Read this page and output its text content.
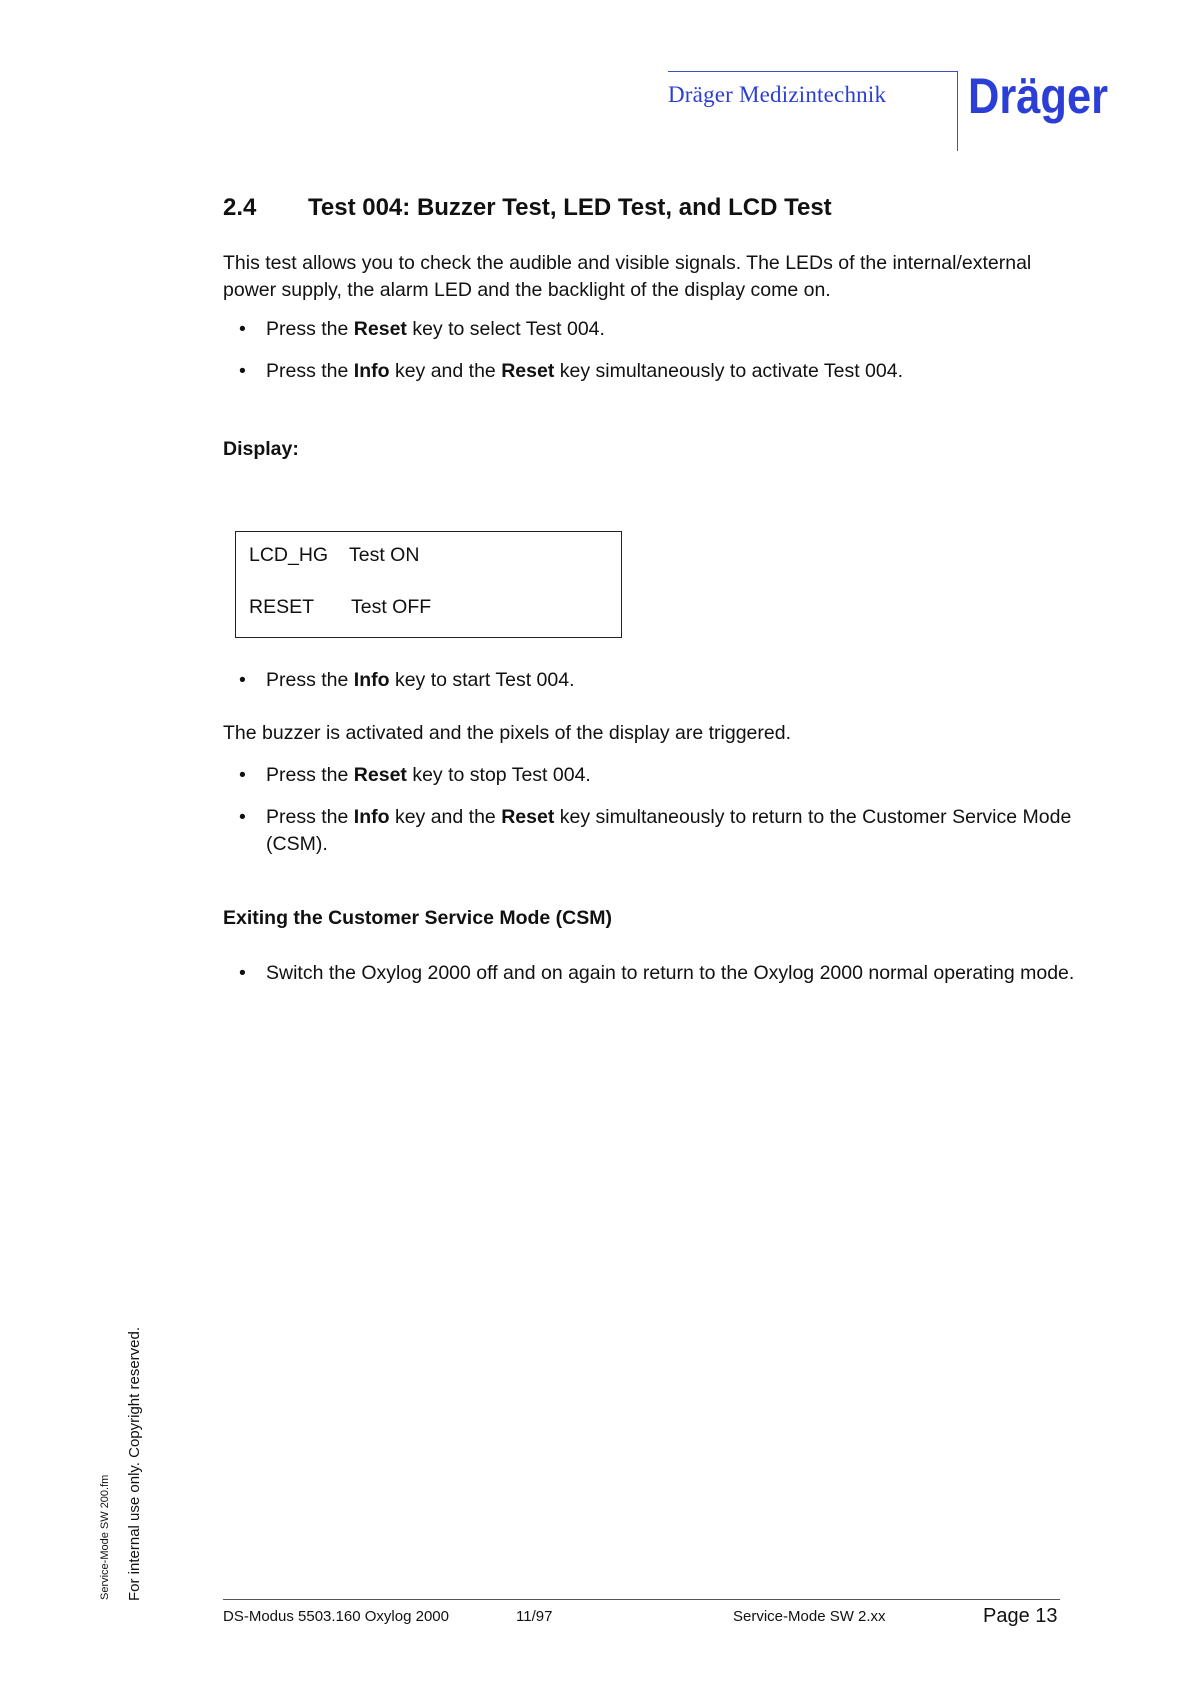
Dräger Medizintechnik Dräger
2.4 Test 004: Buzzer Test, LED Test, and LCD Test
This test allows you to check the audible and visible signals. The LEDs of the internal/external power supply, the alarm LED and the backlight of the display come on.
• Press the Reset key to select Test 004.
• Press the Info key and the Reset key simultaneously to activate Test 004.
Display:
LCD_HG Test ON
RESET Test OFF
• Press the Info key to start Test 004.
The buzzer is activated and the pixels of the display are triggered.
• Press the Reset key to stop Test 004.
• Press the Info key and the Reset key simultaneously to return to the Customer Service Mode (CSM).
Exiting the Customer Service Mode (CSM)
• Switch the Oxylog 2000 off and on again to return to the Oxylog 2000 normal operating mode.
Service-Mode SW 200.fm For internal use only. Copyright reserved.
DS-Modus 5503.160 Oxylog 2000	11/97	Service-Mode SW 2.xx	Page 13
